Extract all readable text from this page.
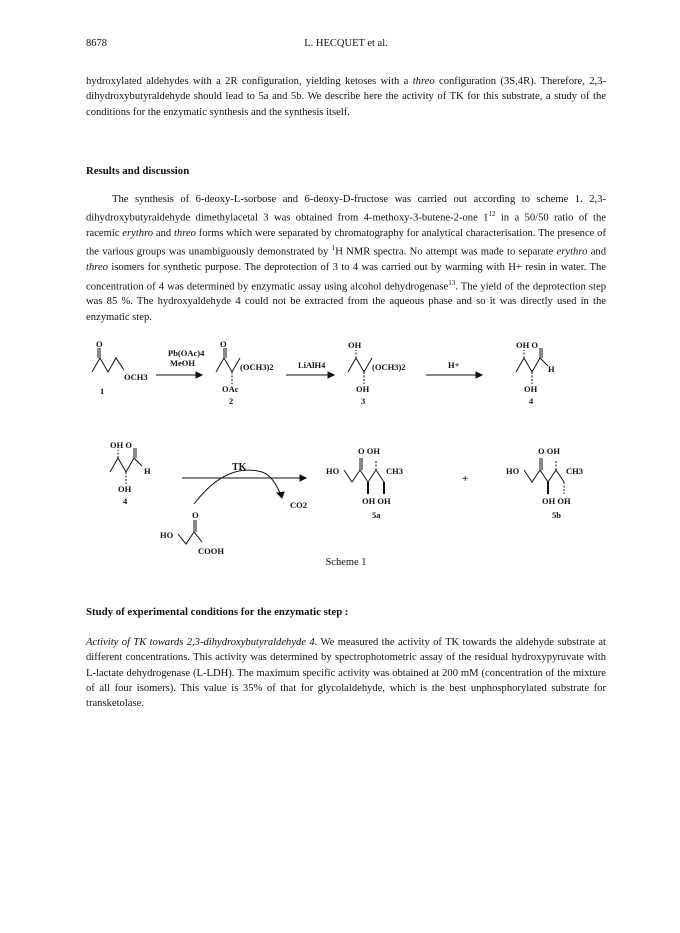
8678	L. HECQUET et al.

hydroxylated aldehydes with a 2R configuration, yielding ketoses with a threo configuration (3S,4R). Therefore, 2,3-dihydroxybutyraldehyde should lead to 5a and 5b. We describe here the activity of TK for this substrate, a study of the conditions for the enzymatic synthesis and the synthesis itself.

Results and discussion

The synthesis of 6-deoxy-L-sorbose and 6-deoxy-D-fructose was carried out according to scheme 1. 2,3-dihydroxybutyraldehyde dimethylacetal 3 was obtained from 4-methoxy-3-butene-2-one $1^{12}$ in a 50/50 ratio of the racemic erythro and threo forms which were separated by chromatography for analytical characterisation. The presence of the various groups was unambiguously demonstrated by $^1$H NMR spectra. No attempt was made to separate erythro and threo isomers for synthetic purpose. The deprotection of 3 to 4 was carried out by warming with H+ resin in water. The concentration of 4 was determined by enzymatic assay using alcohol dehydrogenase$^{13}$. The yield of the deprotection step was 85 %. The hydroxyaldehyde 4 could not be extracted from the aqueous phase and so it was directly used in the enzymatic step.

O
OCH3
1
Pb(OAc)4
MeOH
O
(OCH3)2
OAc
2
LiAlH4
OH
(OCH3)2
OH
3
H+
OH O
H
OH
4
OH O
H
OH
4
TK
CO2
O
HO
COOH
O OH
HO	CH3
OH OH
5a
+
O OH
HO	CH3
OH OH
5b
Scheme 1
Study of experimental conditions for the enzymatic step :

Activity of TK towards 2,3-dihydroxybutyraldehyde 4. We measured the activity of TK towards the aldehyde substrate at different concentrations. This activity was determined by spectrophotometric assay of the residual hydroxypyruvate with L-lactate dehydrogenase (L-LDH). The maximum specific activity was obtained at 200 mM (concentration of the mixture of all four isomers). This value is 35% of that for glycolaldehyde, which is the best unphosphorylated substrate for transketolase.
